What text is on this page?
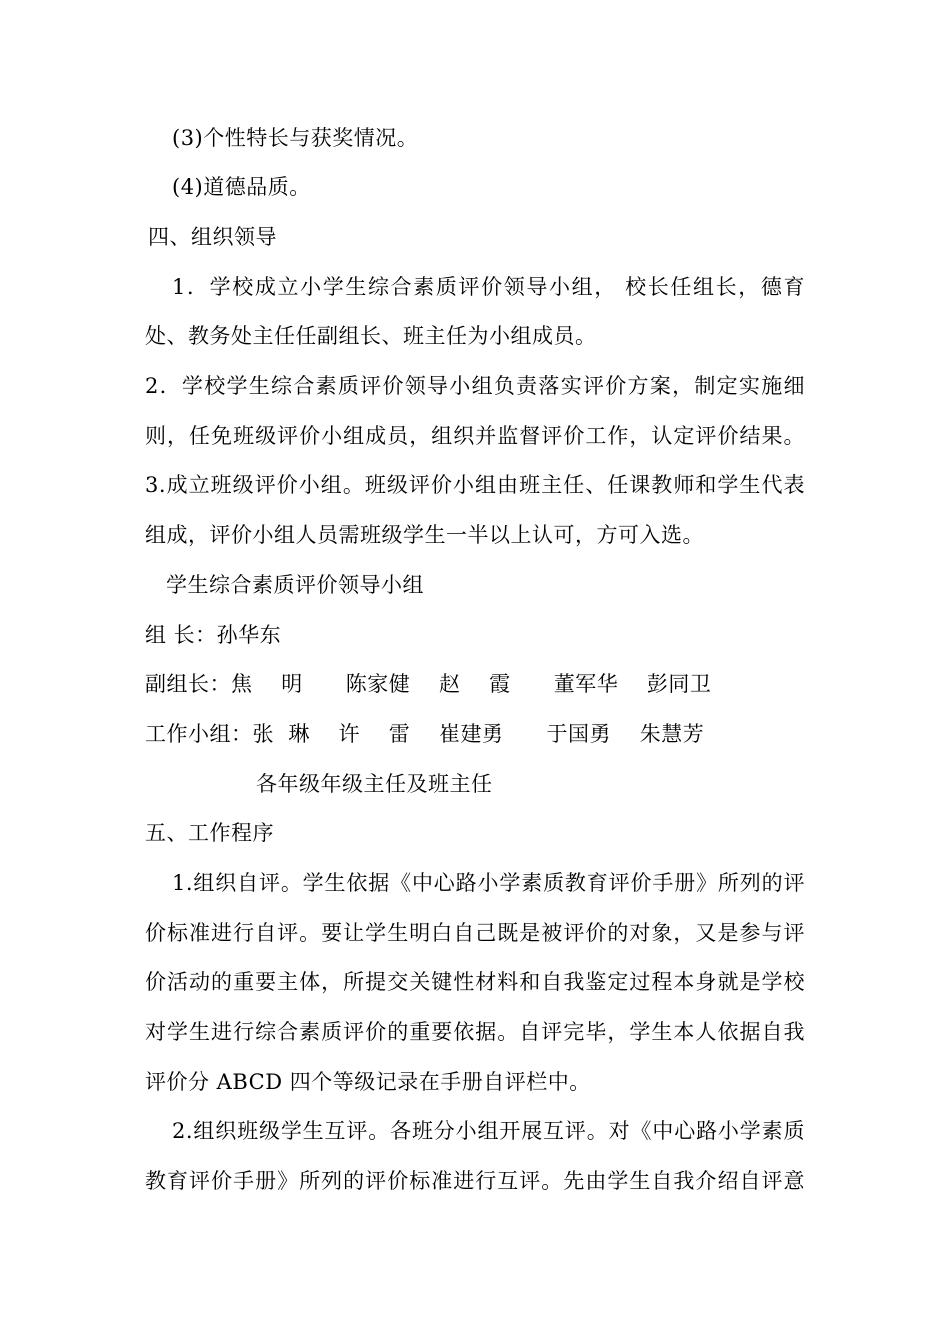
(3)个性特长与获奖情况。
(4)道德品质。
四、组织领导
1．学校成立小学生综合素质评价领导小组， 校长任组长，德育
处、教务处主任任副组长、班主任为小组成员。
2．学校学生综合素质评价领导小组负责落实评价方案，制定实施细
则，任免班级评价小组成员，组织并监督评价工作，认定评价结果。
3.成立班级评价小组。班级评价小组由班主任、任课教师和学生代表
组成，评价小组人员需班级学生一半以上认可，方可入选。
学生综合素质评价领导小组
组 长：孙华东
副组长：焦    明      陈家健    赵    霞      董军华    彭同卫
工作小组：张  琳    许    雷    崔建勇      于国勇    朱慧芳
各年级年级主任及班主任
五、工作程序
1.组织自评。学生依据《中心路小学素质教育评价手册》所列的评
价标准进行自评。要让学生明白自己既是被评价的对象，又是参与评
价活动的重要主体，所提交关键性材料和自我鉴定过程本身就是学校
对学生进行综合素质评价的重要依据。自评完毕，学生本人依据自我
评价分 ABCD 四个等级记录在手册自评栏中。
2.组织班级学生互评。各班分小组开展互评。对《中心路小学素质
教育评价手册》所列的评价标准进行互评。先由学生自我介绍自评意
